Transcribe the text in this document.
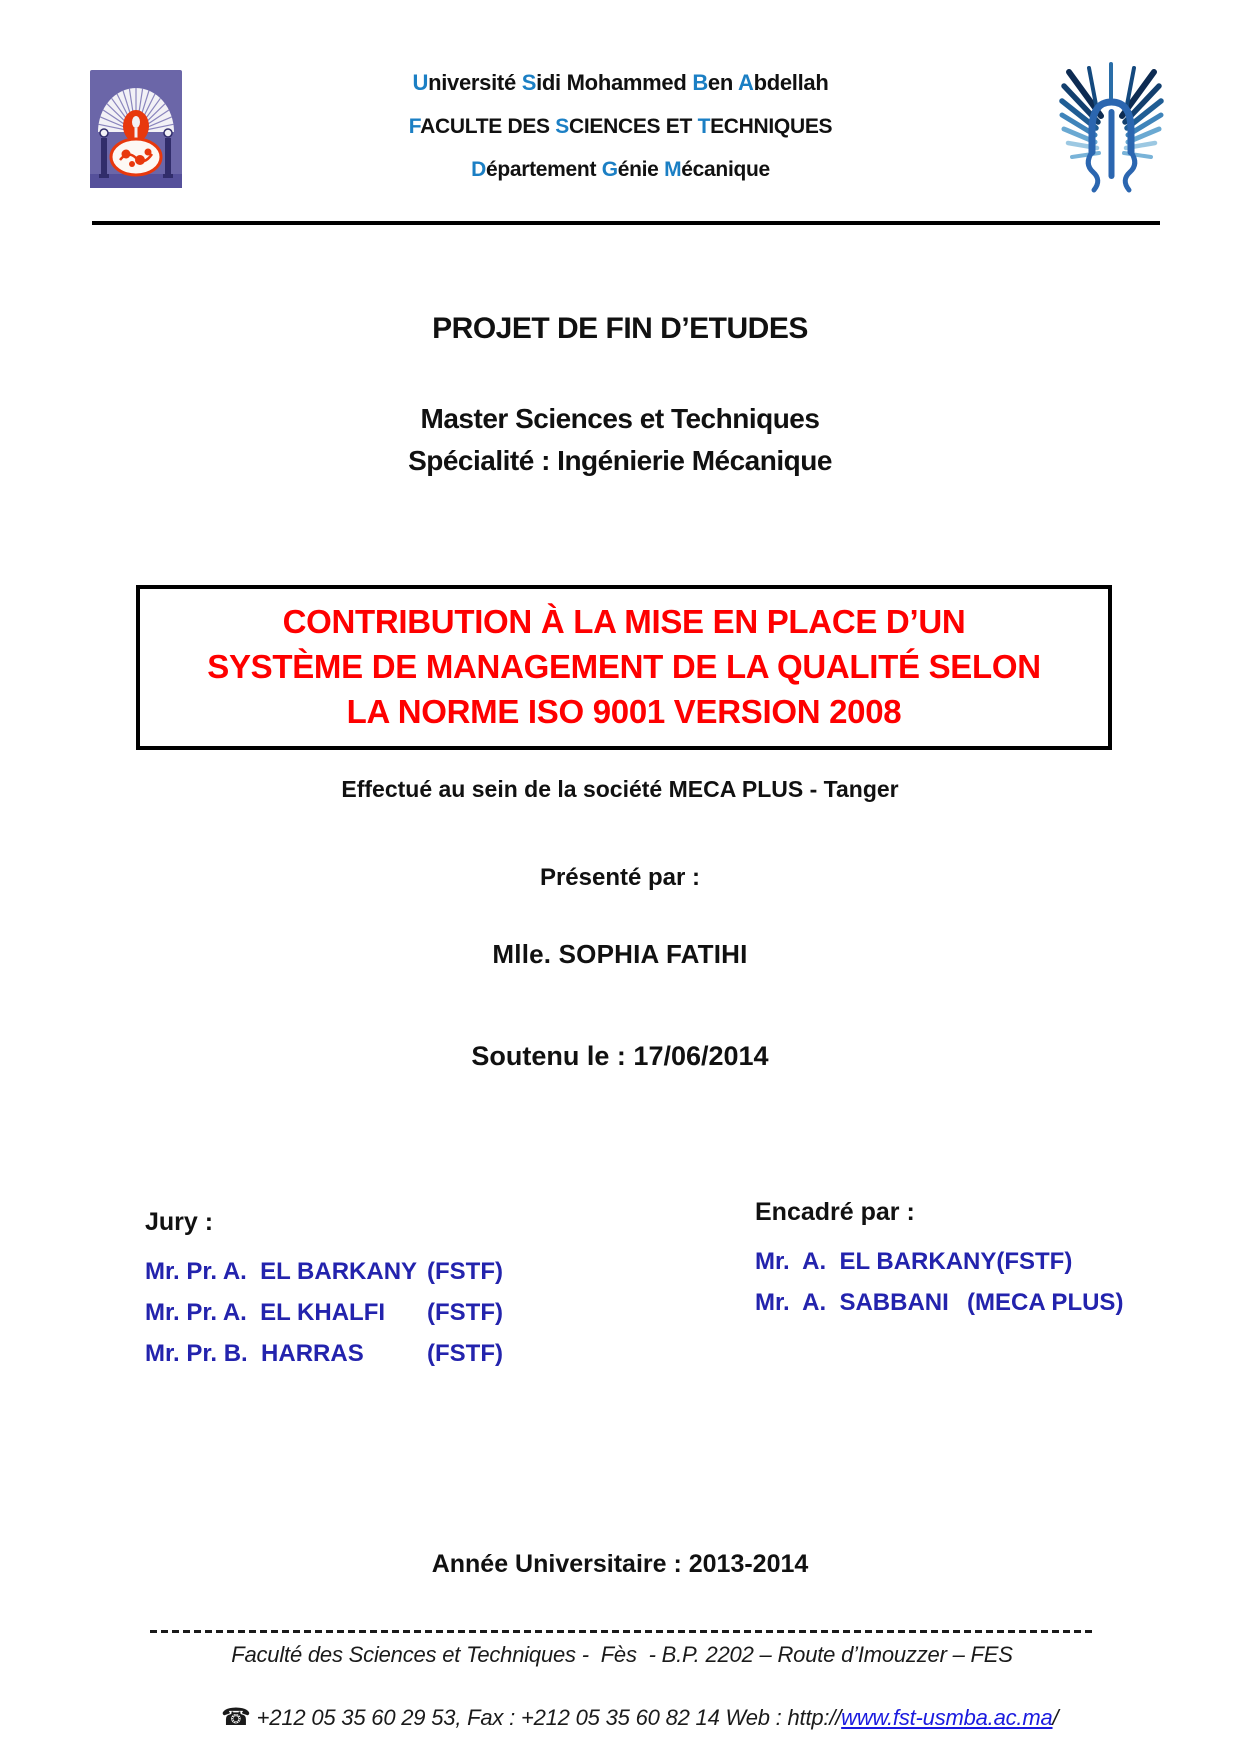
Université Sidi Mohammed Ben Abdellah
FACULTE DES SCIENCES ET TECHNIQUES
Département Génie Mécanique
PROJET DE FIN D’ETUDES
Master Sciences et Techniques
Spécialité : Ingénierie Mécanique
CONTRIBUTION À LA MISE EN PLACE D’UN
SYSTÈME DE MANAGEMENT DE LA QUALITÉ SELON
LA NORME ISO 9001 VERSION 2008
Effectué au sein de la société MECA PLUS - Tanger
Présenté par :
Mlle. SOPHIA FATIHI
Soutenu le : 17/06/2014
Jury :
Mr. Pr. A.  EL BARKANY (FSTF)
Mr. Pr. A.  EL KHALFI	(FSTF)
Mr. Pr. B.  HARRAS	(FSTF)
Encadré par :
Mr.  A.  EL BARKANY (FSTF)
Mr.  A.  SABBANI (MECA PLUS)
Année Universitaire : 2013-2014
Faculté des Sciences et Techniques -  Fès  - B.P. 2202 – Route d’Imouzzer – FES

☎ +212 05 35 60 29 53, Fax : +212 05 35 60 82 14 Web : http://www.fst-usmba.ac.ma/
